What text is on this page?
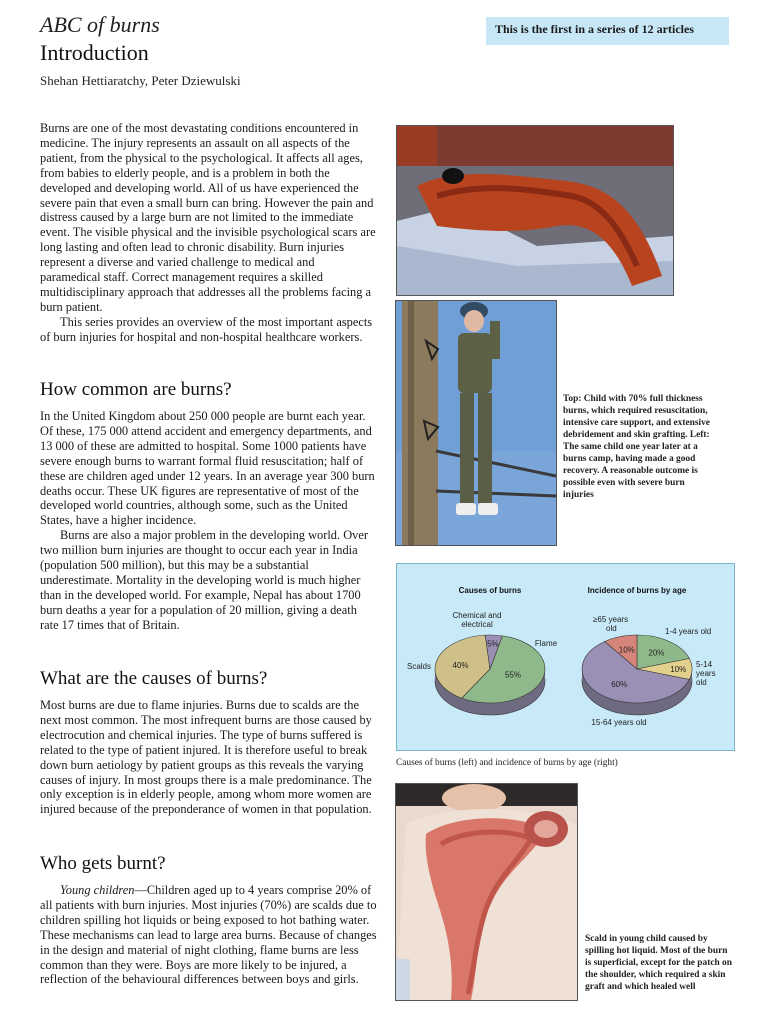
ABC of burns
Introduction
Shehan Hettiaratchy, Peter Dziewulski
This is the first in a series of 12 articles

Burns are one of the most devastating conditions encountered in medicine. The injury represents an assault on all aspects of the patient, from the physical to the psychological. It affects all ages, from babies to elderly people, and is a problem in both the developed and developing world. All of us have experienced the severe pain that even a small burn can bring. However the pain and distress caused by a large burn are not limited to the immediate event. The visible physical and the invisible psychological scars are long lasting and often lead to chronic disability. Burn injuries represent a diverse and varied challenge to medical and paramedical staff. Correct management requires a skilled multidisciplinary approach that addresses all the problems facing a burn patient.

This series provides an overview of the most important aspects of burn injuries for hospital and non-hospital healthcare workers.

How common are burns?

In the United Kingdom about 250 000 people are burnt each year. Of these, 175 000 attend accident and emergency departments, and 13 000 of these are admitted to hospital. Some 1000 patients have severe enough burns to warrant formal fluid resuscitation; half of these are children aged under 12 years. In an average year 300 burn deaths occur. These UK figures are representative of most of the developed world countries, although some, such as the United States, have a higher incidence.

Burns are also a major problem in the developing world. Over two million burn injuries are thought to occur each year in India (population 500 million), but this may be a substantial underestimate. Mortality in the developing world is much higher than in the developed world. For example, Nepal has about 1700 burn deaths a year for a population of 20 million, giving a death rate 17 times that of Britain.

What are the causes of burns?

Most burns are due to flame injuries. Burns due to scalds are the next most common. The most infrequent burns are those caused by electrocution and chemical injuries. The type of burns suffered is related to the type of patient injured. It is therefore useful to break down burn aetiology by patient groups as this reveals the varying causes of injury. In most groups there is a male predominance. The only exception is in elderly people, among whom more women are injured because of the preponderance of women in that population.

Who gets burnt?

Young children—Children aged up to 4 years comprise 20% of all patients with burn injuries. Most injuries (70%) are scalds due to children spilling hot liquids or being exposed to hot bathing water. These mechanisms can lead to large area burns. Because of changes in the design and material of night clothing, flame burns are less common than they were. Boys are more likely to be injured, a reflection of the behavioural differences between boys and girls.

Top: Child with 70% full thickness burns, which required resuscitation, intensive care support, and extensive debridement and skin grafting. Left: The same child one year later at a burns camp, having made a good recovery. A reasonable outcome is possible even with severe burn injuries
Causes of burns	Incidence of burns by age
55%
40%
5%
20%
10%
60%
10%
Chemical and
electrical
Scalds
Flame
≥65 years
old	1-4 years old
5-14
years
old
15-64 years old
Causes of burns (left) and incidence of burns by age (right)
Scald in young child caused by spilling hot liquid. Most of the burn is superficial, except for the patch on the shoulder, which required a skin graft and which healed well
